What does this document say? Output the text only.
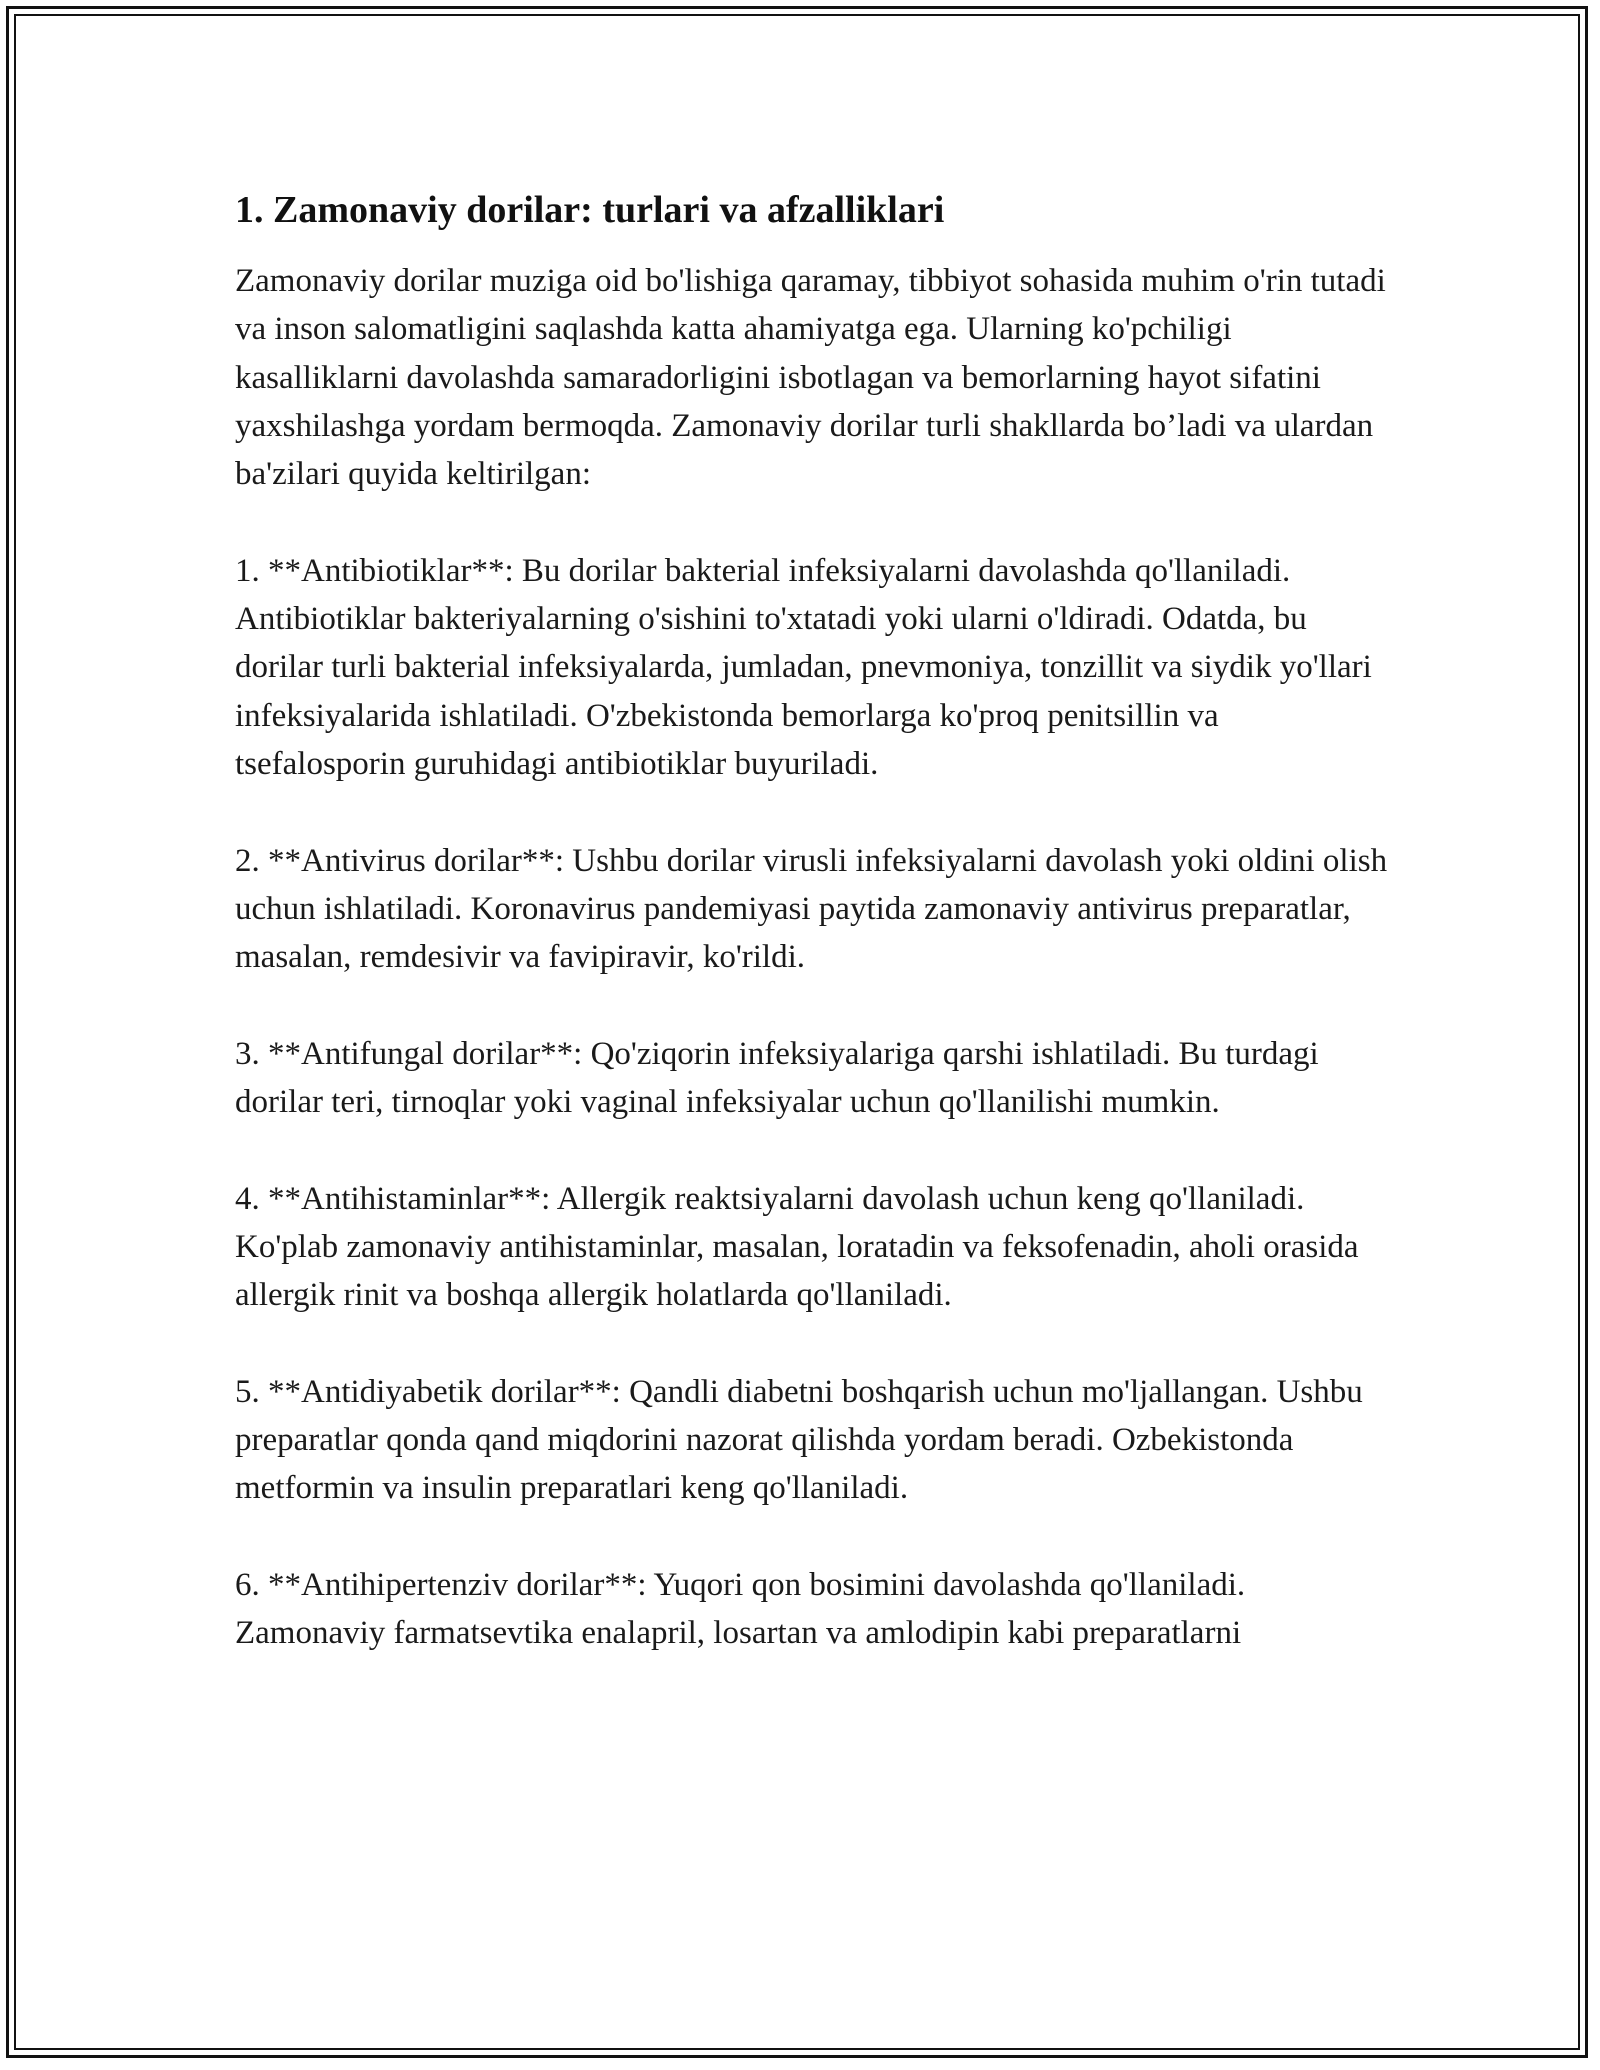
1. Zamonaviy dorilar: turlari va afzalliklari

Zamonaviy dorilar muziga oid bo'lishiga qaramay, tibbiyot sohasida muhim o'rin tutadi va inson salomatligini saqlashda katta ahamiyatga ega. Ularning ko'pchiligi kasalliklarni davolashda samaradorligini isbotlagan va bemorlarning hayot sifatini yaxshilashga yordam bermoqda. Zamonaviy dorilar turli shakllarda bo’ladi va ulardan ba'zilari quyida keltirilgan:

1. **Antibiotiklar**: Bu dorilar bakterial infeksiyalarni davolashda qo'llaniladi. Antibiotiklar bakteriyalarning o'sishini to'xtatadi yoki ularni o'ldiradi. Odatda, bu dorilar turli bakterial infeksiyalarda, jumladan, pnevmoniya, tonzillit va siydik yo'llari infeksiyalarida ishlatiladi. O'zbekistonda bemorlarga ko'proq penitsillin va tsefalosporin guruhidagi antibiotiklar buyuriladi.

2. **Antivirus dorilar**: Ushbu dorilar virusli infeksiyalarni davolash yoki oldini olish uchun ishlatiladi. Koronavirus pandemiyasi paytida zamonaviy antivirus preparatlar, masalan, remdesivir va favipiravir, ko'rildi.

3. **Antifungal dorilar**: Qo'ziqorin infeksiyalariga qarshi ishlatiladi. Bu turdagi dorilar teri, tirnoqlar yoki vaginal infeksiyalar uchun qo'llanilishi mumkin.

4. **Antihistaminlar**: Allergik reaktsiyalarni davolash uchun keng qo'llaniladi. Ko'plab zamonaviy antihistaminlar, masalan, loratadin va feksofenadin, aholi orasida allergik rinit va boshqa allergik holatlarda qo'llaniladi.

5. **Antidiyabetik dorilar**: Qandli diabetni boshqarish uchun mo'ljallangan. Ushbu preparatlar qonda qand miqdorini nazorat qilishda yordam beradi. Ozbekistonda metformin va insulin preparatlari keng qo'llaniladi.

6. **Antihipertenziv dorilar**: Yuqori qon bosimini davolashda qo'llaniladi. Zamonaviy farmatsevtika enalapril, losartan va amlodipin kabi preparatlarni
